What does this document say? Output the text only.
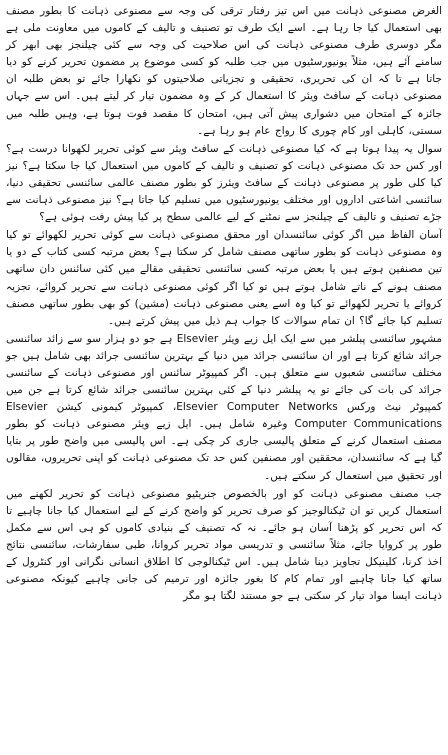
الغرض مصنوعی ذہانت میں اس تیز رفتار ترقی کی وجہ سے مصنوعی ذہانت کا بطور مصنف بھی استعمال کیا جا رہا ہے۔ اسے ایک طرف تو تصنیف و تالیف کے کاموں میں معاونت ملی ہے مگر دوسری طرف مصنوعی ذہانت کی اس صلاحیت کی وجہ سے کئی چیلنجز بھی ابھر کر سامنے آئے ہیں، مثلاً یونیورسٹیوں میں جب طلبہ کو کسی موضوع پر مضمون تحریر کرنے کو دیا جاتا ہے تا کہ ان کی تحریری، تحقیقی و تجزیاتی صلاحیتوں کو نکھارا جائے تو بعض طلبہ ان مصنوعی ذہانت کے سافٹ ویئر کا استعمال کر کے وہ مضمون تیار کر لیتے ہیں۔ اس سے جہاں جائزہ کے امتحان میں دشواری پیش آتی ہیں، امتحان کا مقصد فوت ہوتا ہے، وہیں طلبہ میں سستی، کاہلی اور کام چوری کا رواج عام ہو رہا ہے۔

سوال یہ پیدا ہوتا ہے کہ کیا مصنوعی ذہانت کے سافٹ ویئر سے کوئی تحریر لکھوانا درست ہے؟ اور کس حد تک مصنوعی ذہانت کو تصنیف و تالیف کے کاموں میں استعمال کیا جا سکتا ہے؟ نیز کیا کلی طور پر مصنوعی ذہانت کے سافٹ ویئرز کو بطور مصنف عالمی سائنسی تحقیقی دنیا، سائنسی اشاعتی اداروں اور مختلف یونیورسٹیوں میں تسلیم کیا جاتا ہے؟ نیز مصنوعی ذہانت سے جڑے تصنیف و تالیف کے چیلنجز سے نمٹنے کے لیے عالمی سطح پر کیا پیش رفت ہوئی ہے؟

آسان الفاظ میں اگر کوئی سائنسدان اور محقق مصنوعی ذہانت سے کوئی تحریر لکھوائے تو کیا وہ مصنوعی ذہانت کو بطور ساتھی مصنف شامل کر سکتا ہے؟ بعض مرتبہ کسی کتاب کے دو یا تین مصنفین ہوتے ہیں یا بعض مرتبہ کسی سائنسی تحقیقی مقالے میں کئی سائنس دان ساتھی مصنف ہونے کے ناتے شامل ہوتے ہیں تو کیا اگر کوئی مصنوعی ذہانت سے تحریر کروائے، تجزیہ کروائے یا تحریر لکھوائے تو کیا وہ اسے یعنی مصنوعی ذہانت (مشین) کو بھی بطور ساتھی مصنف تسلیم کیا جائے گا؟ ان تمام سوالات کا جواب ہم ذیل میں پیش کرتے ہیں۔

مشہور سائنسی پبلشر میں سے ایک ایل زیے ویئر Elsevier ہے جو دو ہزار سو سے زائد سائنسی جرائد شائع کرتا ہے اور ان سائنسی جرائد میں دنیا کے بہترین سائنسی جرائد بھی شامل ہیں جو مختلف سائنسی شعبوں سے متعلق ہیں۔ اگر کمپیوٹر سائنس اور مصنوعی ذہانت کے سائنسی جرائد کی بات کی جائے تو یہ پبلشر دنیا کے کئی بہترین سائنسی جرائد شائع کرتا ہے جن میں کمپیوٹر نیٹ ورکس Elsevier Computer Networks، کمپیوٹر کیمونی کیشن Elsevier Computer Communications وغیرہ شامل ہیں۔ ایل زیے ویئر مصنوعی ذہانت کو بطور مصنف استعمال کرنے کے متعلق پالیسی جاری کر چکی ہے۔ اس پالیسی میں واضح طور پر بتایا گیا ہے کہ سائنسدان، محققین اور مصنفین کس حد تک مصنوعی ذہانت کو اپنی تحریروں، مقالوں اور تحقیق میں استعمال کر سکتے ہیں۔

جب مصنف مصنوعی ذہانت کو اور بالخصوص جنریٹیو مصنوعی ذہانت کو تحریر لکھنے میں استعمال کریں تو ان ٹیکنالوجیز کو صرف تحریر کو واضح کرنے کے لیے استعمال کیا جانا چاہیے تا کہ اس تحریر کو پڑھنا آسان ہو جائے۔ نہ کہ تصنیف کے بنیادی کاموں کو ہی اس سے مکمل طور پر کروایا جائے، مثلاً سائنسی و تدریسی مواد تحریر کروانا، طبی سفارشات، سائنسی نتائج اخذ کرنا، کلینیکل تجاویز دینا شامل ہیں۔ اس ٹیکنالوجی کا اطلاق انسانی نگرانی اور کنٹرول کے ساتھ کیا جانا چاہیے اور تمام کام کا بغور جائزہ اور ترمیم کی جانی چاہیے کیونکہ مصنوعی ذہانت ایسا مواد تیار کر سکتی ہے جو مستند لگتا ہو مگر
